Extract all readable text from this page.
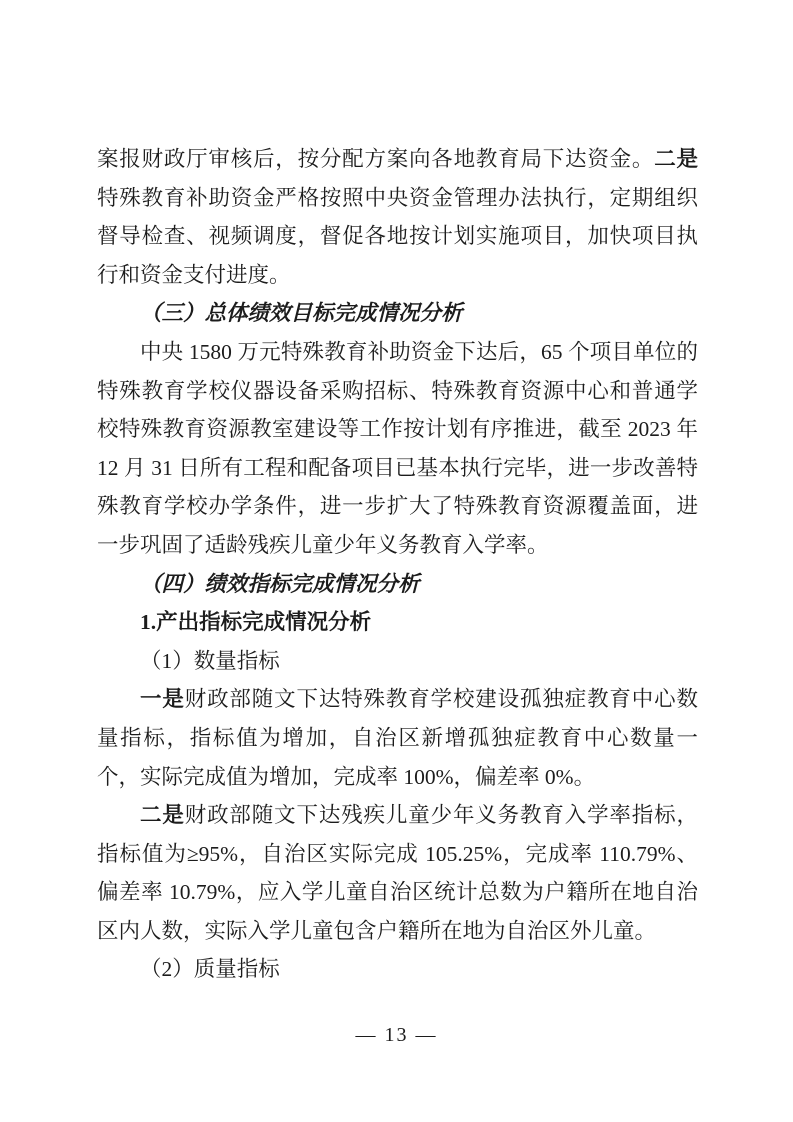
案报财政厅审核后，按分配方案向各地教育局下达资金。二是特殊教育补助资金严格按照中央资金管理办法执行，定期组织督导检查、视频调度，督促各地按计划实施项目，加快项目执行和资金支付进度。

（三）总体绩效目标完成情况分析

中央 1580 万元特殊教育补助资金下达后，65 个项目单位的特殊教育学校仪器设备采购招标、特殊教育资源中心和普通学校特殊教育资源教室建设等工作按计划有序推进，截至 2023 年 12 月 31 日所有工程和配备项目已基本执行完毕，进一步改善特殊教育学校办学条件，进一步扩大了特殊教育资源覆盖面，进一步巩固了适龄残疾儿童少年义务教育入学率。

（四）绩效指标完成情况分析

1.产出指标完成情况分析

（1）数量指标

一是财政部随文下达特殊教育学校建设孤独症教育中心数量指标，指标值为增加，自治区新增孤独症教育中心数量一个，实际完成值为增加，完成率 100%，偏差率 0%。

二是财政部随文下达残疾儿童少年义务教育入学率指标，指标值为≥95%，自治区实际完成 105.25%，完成率 110.79%、偏差率 10.79%，应入学儿童自治区统计总数为户籍所在地自治区内人数，实际入学儿童包含户籍所在地为自治区外儿童。

（2）质量指标

— 13 —
